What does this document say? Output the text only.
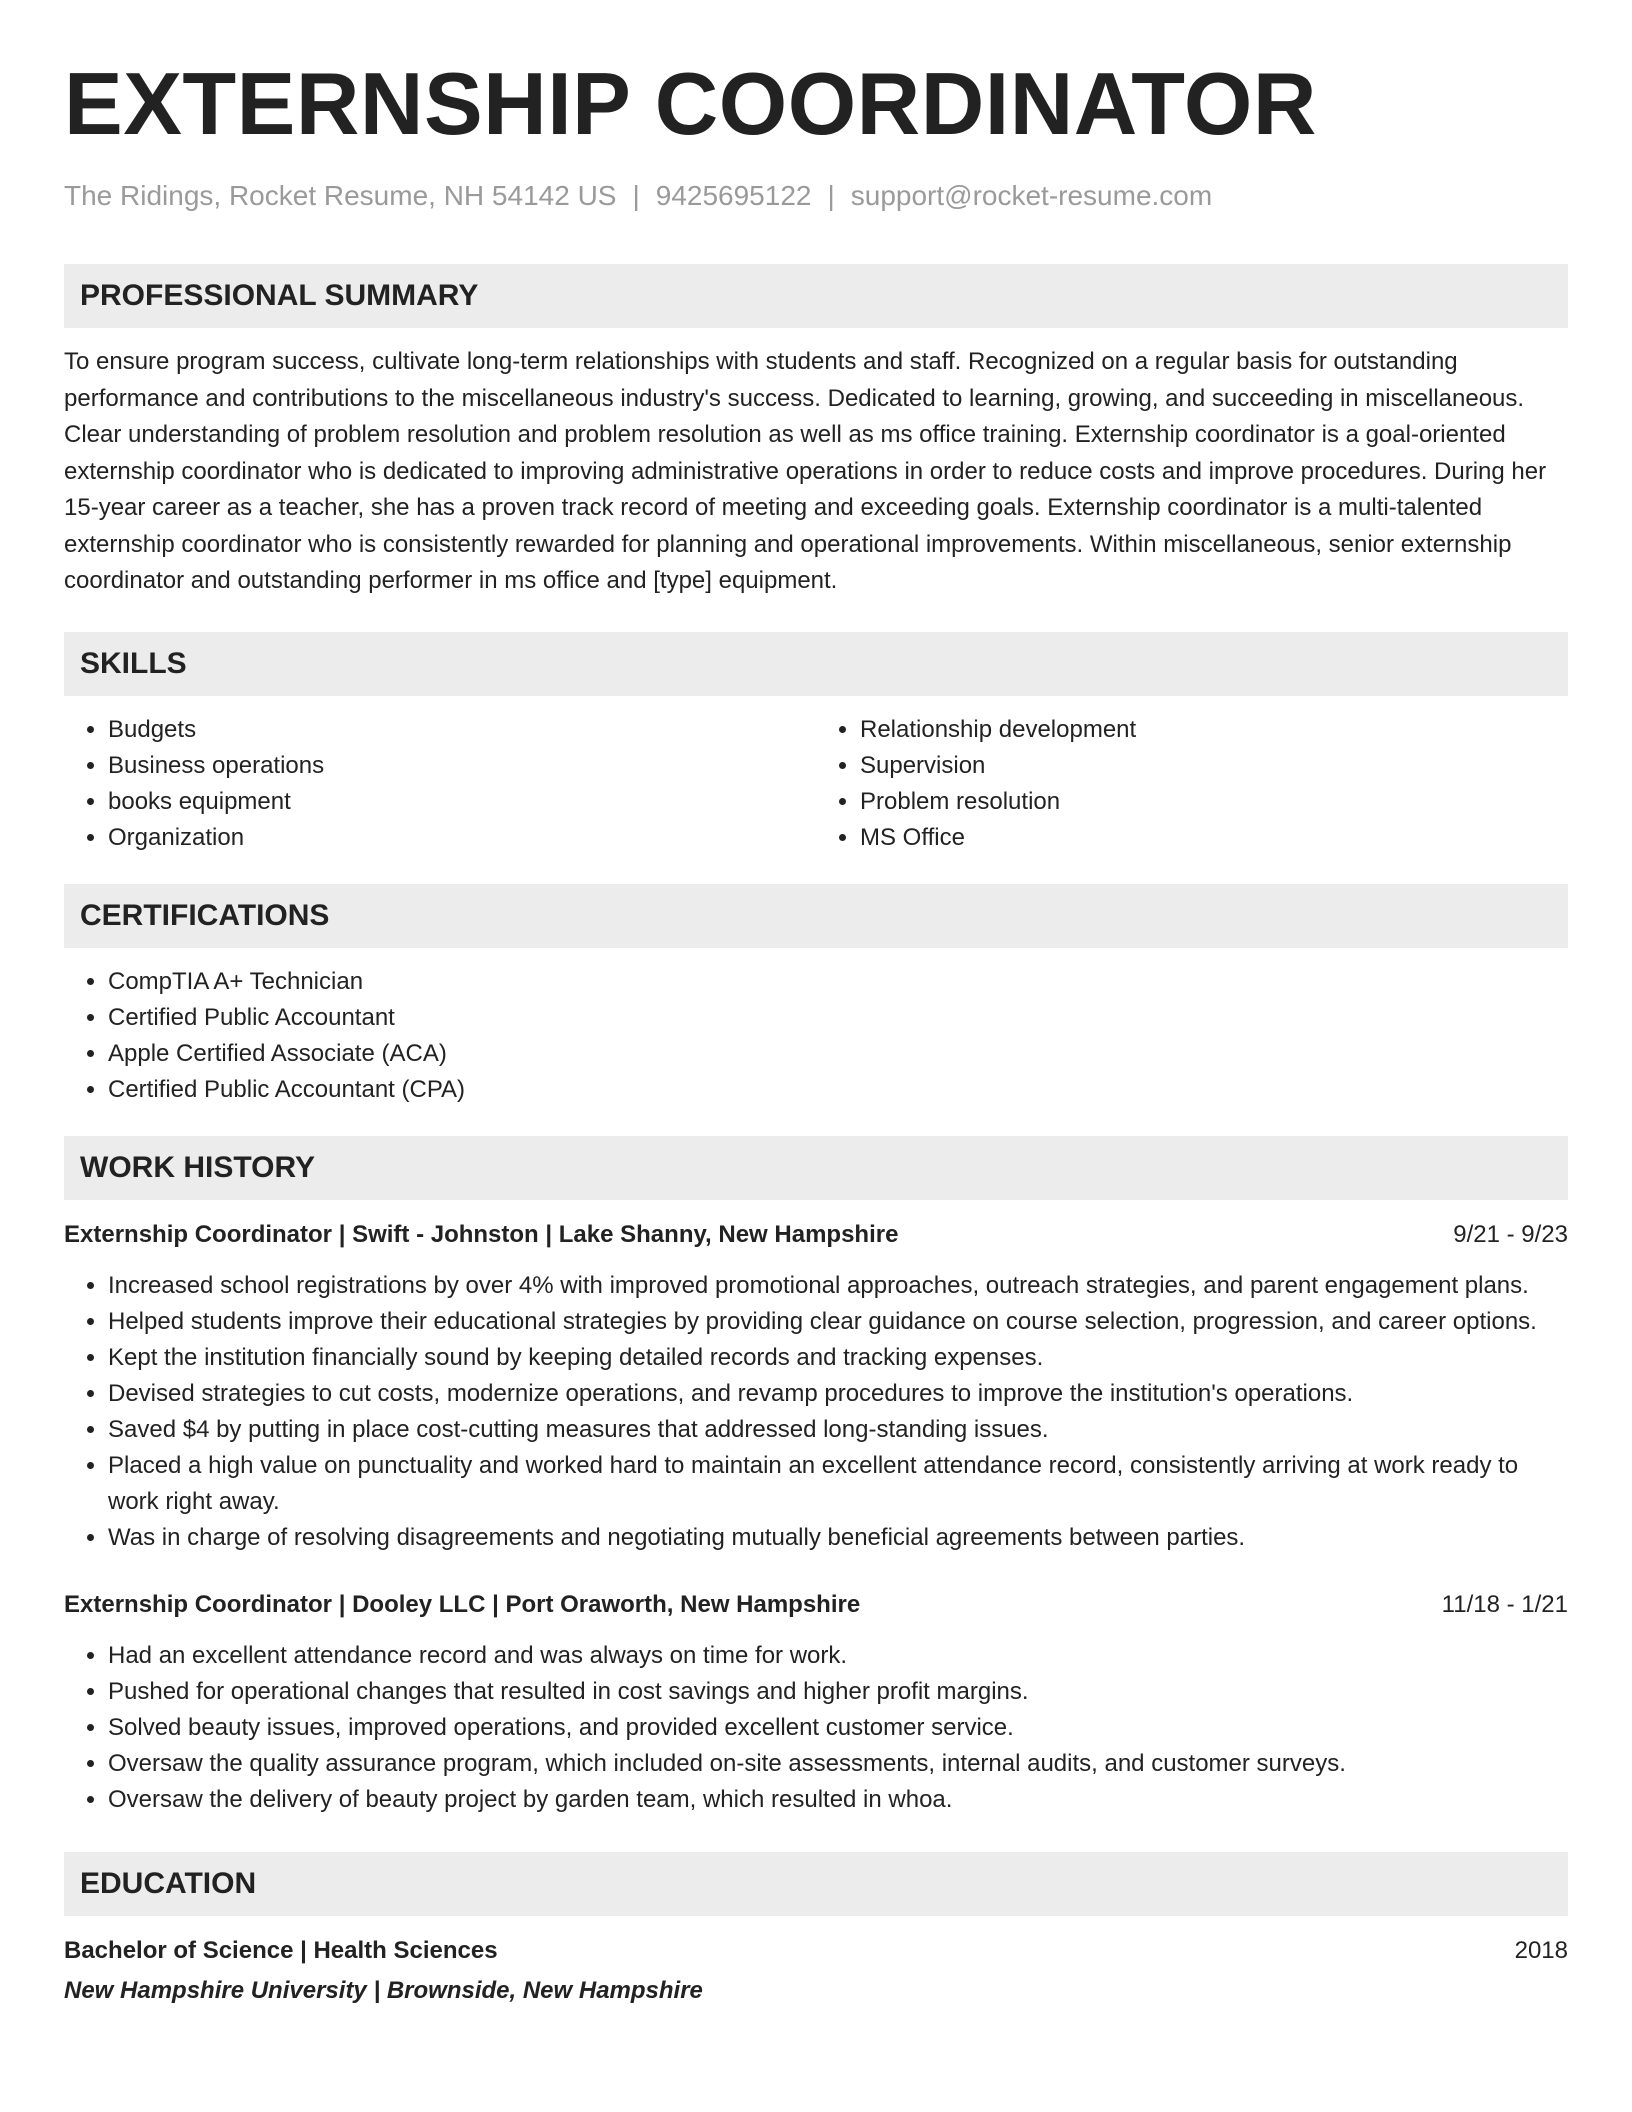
EXTERNSHIP COORDINATOR
The Ridings, Rocket Resume, NH 54142 US | 9425695122 | support@rocket-resume.com
PROFESSIONAL SUMMARY

To ensure program success, cultivate long-term relationships with students and staff. Recognized on a regular basis for outstanding performance and contributions to the miscellaneous industry's success. Dedicated to learning, growing, and succeeding in miscellaneous. Clear understanding of problem resolution and problem resolution as well as ms office training. Externship coordinator is a goal-oriented externship coordinator who is dedicated to improving administrative operations in order to reduce costs and improve procedures. During her 15-year career as a teacher, she has a proven track record of meeting and exceeding goals. Externship coordinator is a multi-talented externship coordinator who is consistently rewarded for planning and operational improvements. Within miscellaneous, senior externship coordinator and outstanding performer in ms office and [type] equipment.

SKILLS
• Budgets
• Business operations
• books equipment
• Organization
• Relationship development
• Supervision
• Problem resolution
• MS Office
CERTIFICATIONS
• CompTIA A+ Technician
• Certified Public Accountant
• Apple Certified Associate (ACA)
• Certified Public Accountant (CPA)
WORK HISTORY
Externship Coordinator | Swift - Johnston | Lake Shanny, New Hampshire	9/21 - 9/23
• Increased school registrations by over 4% with improved promotional approaches, outreach strategies, and parent engagement plans.
• Helped students improve their educational strategies by providing clear guidance on course selection, progression, and career options.
• Kept the institution financially sound by keeping detailed records and tracking expenses.
• Devised strategies to cut costs, modernize operations, and revamp procedures to improve the institution's operations.
• Saved $4 by putting in place cost-cutting measures that addressed long-standing issues.
• Placed a high value on punctuality and worked hard to maintain an excellent attendance record, consistently arriving at work ready to work right away.
• Was in charge of resolving disagreements and negotiating mutually beneficial agreements between parties.
Externship Coordinator | Dooley LLC | Port Oraworth, New Hampshire	11/18 - 1/21
• Had an excellent attendance record and was always on time for work.
• Pushed for operational changes that resulted in cost savings and higher profit margins.
• Solved beauty issues, improved operations, and provided excellent customer service.
• Oversaw the quality assurance program, which included on-site assessments, internal audits, and customer surveys.
• Oversaw the delivery of beauty project by garden team, which resulted in whoa.
EDUCATION
Bachelor of Science | Health Sciences	2018
New Hampshire University | Brownside, New Hampshire
